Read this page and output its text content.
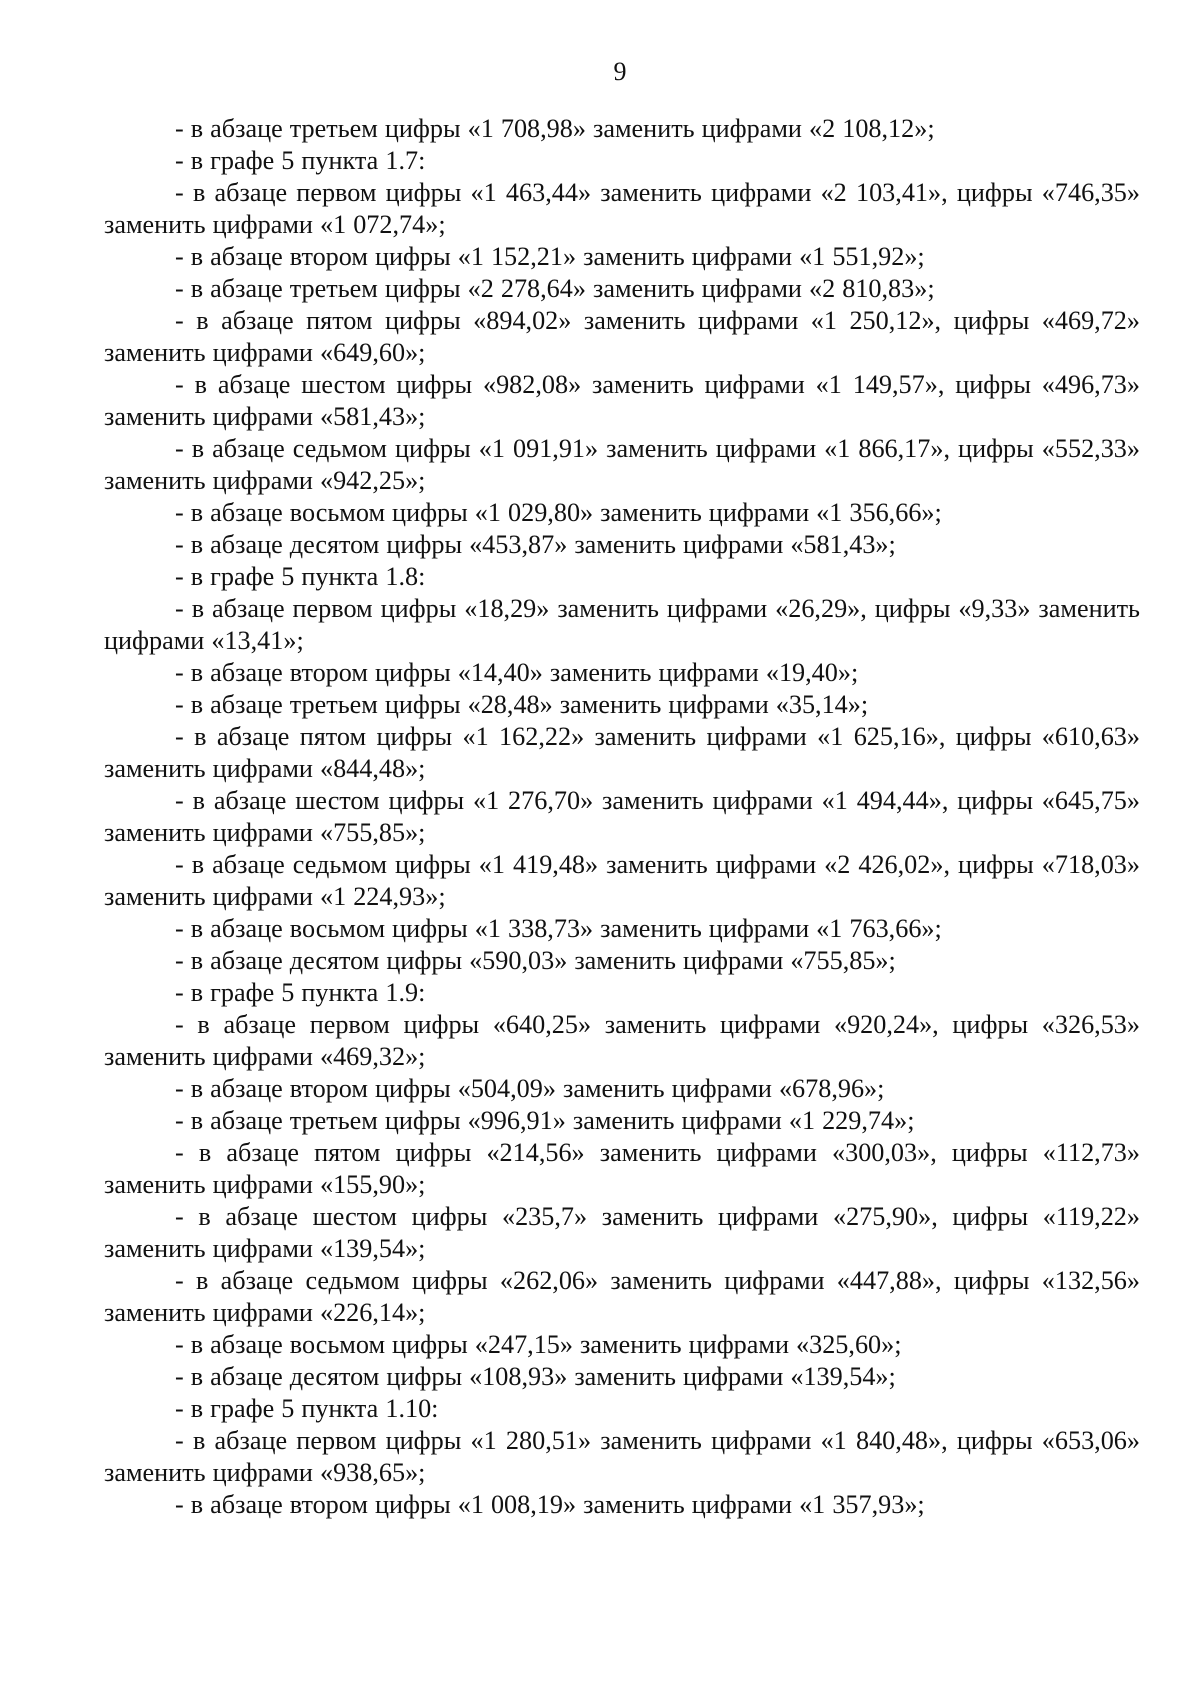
9

- в абзаце третьем цифры «1 708,98» заменить цифрами «2 108,12»;

- в графе 5 пункта 1.7:

- в абзаце первом цифры «1 463,44» заменить цифрами «2 103,41», цифры «746,35» заменить цифрами «1 072,74»;

- в абзаце втором цифры «1 152,21» заменить цифрами «1 551,92»;

- в абзаце третьем цифры «2 278,64» заменить цифрами «2 810,83»;

- в абзаце пятом цифры «894,02» заменить цифрами «1 250,12», цифры «469,72» заменить цифрами «649,60»;

- в абзаце шестом цифры «982,08» заменить цифрами «1 149,57», цифры «496,73» заменить цифрами «581,43»;

- в абзаце седьмом цифры «1 091,91» заменить цифрами «1 866,17», цифры «552,33» заменить цифрами «942,25»;

- в абзаце восьмом цифры «1 029,80» заменить цифрами «1 356,66»;

- в абзаце десятом цифры «453,87» заменить цифрами «581,43»;

- в графе 5 пункта 1.8:

- в абзаце первом цифры «18,29» заменить цифрами «26,29», цифры «9,33» заменить цифрами «13,41»;

- в абзаце втором цифры «14,40» заменить цифрами «19,40»;

- в абзаце третьем цифры «28,48» заменить цифрами «35,14»;

- в абзаце пятом цифры «1 162,22» заменить цифрами «1 625,16», цифры «610,63» заменить цифрами «844,48»;

- в абзаце шестом цифры «1 276,70» заменить цифрами «1 494,44», цифры «645,75» заменить цифрами «755,85»;

- в абзаце седьмом цифры «1 419,48» заменить цифрами «2 426,02», цифры «718,03» заменить цифрами «1 224,93»;

- в абзаце восьмом цифры «1 338,73» заменить цифрами «1 763,66»;

- в абзаце десятом цифры «590,03» заменить цифрами «755,85»;

- в графе 5 пункта 1.9:

- в абзаце первом цифры «640,25» заменить цифрами «920,24», цифры «326,53» заменить цифрами «469,32»;

- в абзаце втором цифры «504,09» заменить цифрами «678,96»;

- в абзаце третьем цифры «996,91» заменить цифрами «1 229,74»;

- в абзаце пятом цифры «214,56» заменить цифрами «300,03», цифры «112,73» заменить цифрами «155,90»;

- в абзаце шестом цифры «235,7» заменить цифрами «275,90», цифры «119,22» заменить цифрами «139,54»;

- в абзаце седьмом цифры «262,06» заменить цифрами «447,88», цифры «132,56» заменить цифрами «226,14»;

- в абзаце восьмом цифры «247,15» заменить цифрами «325,60»;

- в абзаце десятом цифры «108,93» заменить цифрами «139,54»;

- в графе 5 пункта 1.10:

- в абзаце первом цифры «1 280,51» заменить цифрами «1 840,48», цифры «653,06» заменить цифрами «938,65»;

- в абзаце втором цифры «1 008,19» заменить цифрами «1 357,93»;
